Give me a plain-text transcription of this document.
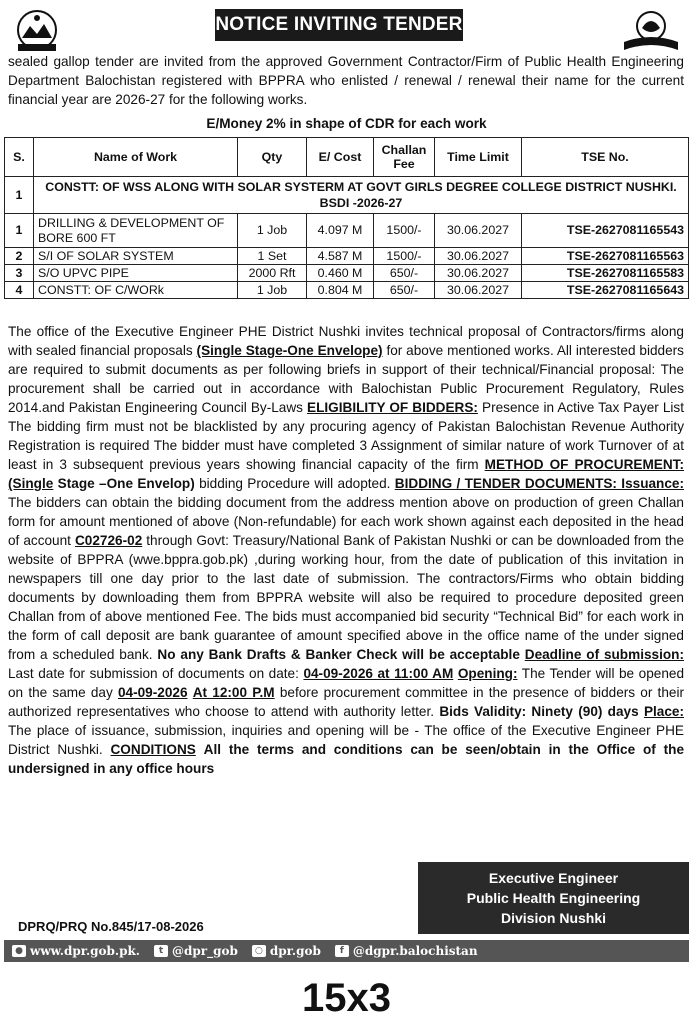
NOTICE INVITING TENDER
sealed gallop tender are invited from the approved Government Contractor/Firm of Public Health Engineering Department Balochistan registered with BPPRA who enlisted / renewal / renewal their name for the current financial year are 2026-27 for the following works.
E/Money 2% in shape of CDR for each work
S.	Name of Work	Qty	E/ Cost	Challan Fee	Time Limit	TSE No.
1	CONSTT: OF WSS ALONG WITH SOLAR SYSTERM AT GOVT GIRLS DEGREE COLLEGE DISTRICT NUSHKI. BSDI -2026-27					
1	DRILLING & DEVELOPMENT OF BORE 600 FT	1 Job	4.097 M	1500/-	30.06.2027	TSE-2627081165543
2	S/I OF SOLAR SYSTEM	1 Set	4.587 M	1500/-	30.06.2027	TSE-2627081165563
3	S/O UPVC PIPE	2000 Rft	0.460 M	650/-	30.06.2027	TSE-2627081165583
4	CONSTT: OF C/WORk	1 Job	0.804 M	650/-	30.06.2027	TSE-2627081165643
The office of the Executive Engineer PHE District Nushki invites technical proposal of Contractors/firms along with sealed financial proposals (Single Stage-One Envelope) for above mentioned works. All interested bidders are required to submit documents as per following briefs in support of their technical/Financial proposal: The procurement shall be carried out in accordance with Balochistan Public Procurement Regulatory, Rules 2014.and Pakistan Engineering Council By-Laws ELIGIBILITY OF BIDDERS: Presence in Active Tax Payer List The bidding firm must not be blacklisted by any procuring agency of Pakistan Balochistan Revenue Authority Registration is required The bidder must have completed 3 Assignment of similar nature of work Turnover of at least in 3 subsequent previous years showing financial capacity of the firm METHOD OF PROCUREMENT: (Single Stage –One Envelop) bidding Procedure will adopted. BIDDING / TENDER DOCUMENTS: Issuance: The bidders can obtain the bidding document from the address mention above on production of green Challan form for amount mentioned of above (Non-refundable) for each work shown against each deposited in the head of account C02726-02 through Govt: Treasury/National Bank of Pakistan Nushki or can be downloaded from the website of BPPRA (wwe.bppra.gob.pk) ,during working hour, from the date of publication of this invitation in newspapers till one day prior to the last date of submission. The contractors/Firms who obtain bidding documents by downloading them from BPPRA website will also be required to procedure deposited green Challan from of above mentioned Fee. The bids must accompanied bid security “Technical Bid” for each work in the form of call deposit are bank guarantee of amount specified above in the office name of the under signed from a scheduled bank. No any Bank Drafts & Banker Check will be acceptable Deadline of submission: Last date for submission of documents on date: 04-09-2026 at 11:00 AM Opening: The Tender will be opened on the same day 04-09-2026 At 12:00 P.M before procurement committee in the presence of bidders or their authorized representatives who choose to attend with authority letter. Bids Validity: Ninety (90) days Place: The place of issuance, submission, inquiries and opening will be - The office of the Executive Engineer PHE District Nushki. CONDITIONS All the terms and conditions can be seen/obtain in the Office of the undersigned in any office hours
Executive Engineer
Public Health Engineering
Division Nushki
DPRQ/PRQ No.845/17-08-2026
● www.dpr.gob.pk.	t @dpr_gob	○ dpr.gob	f @dgpr.balochistan
15x3
